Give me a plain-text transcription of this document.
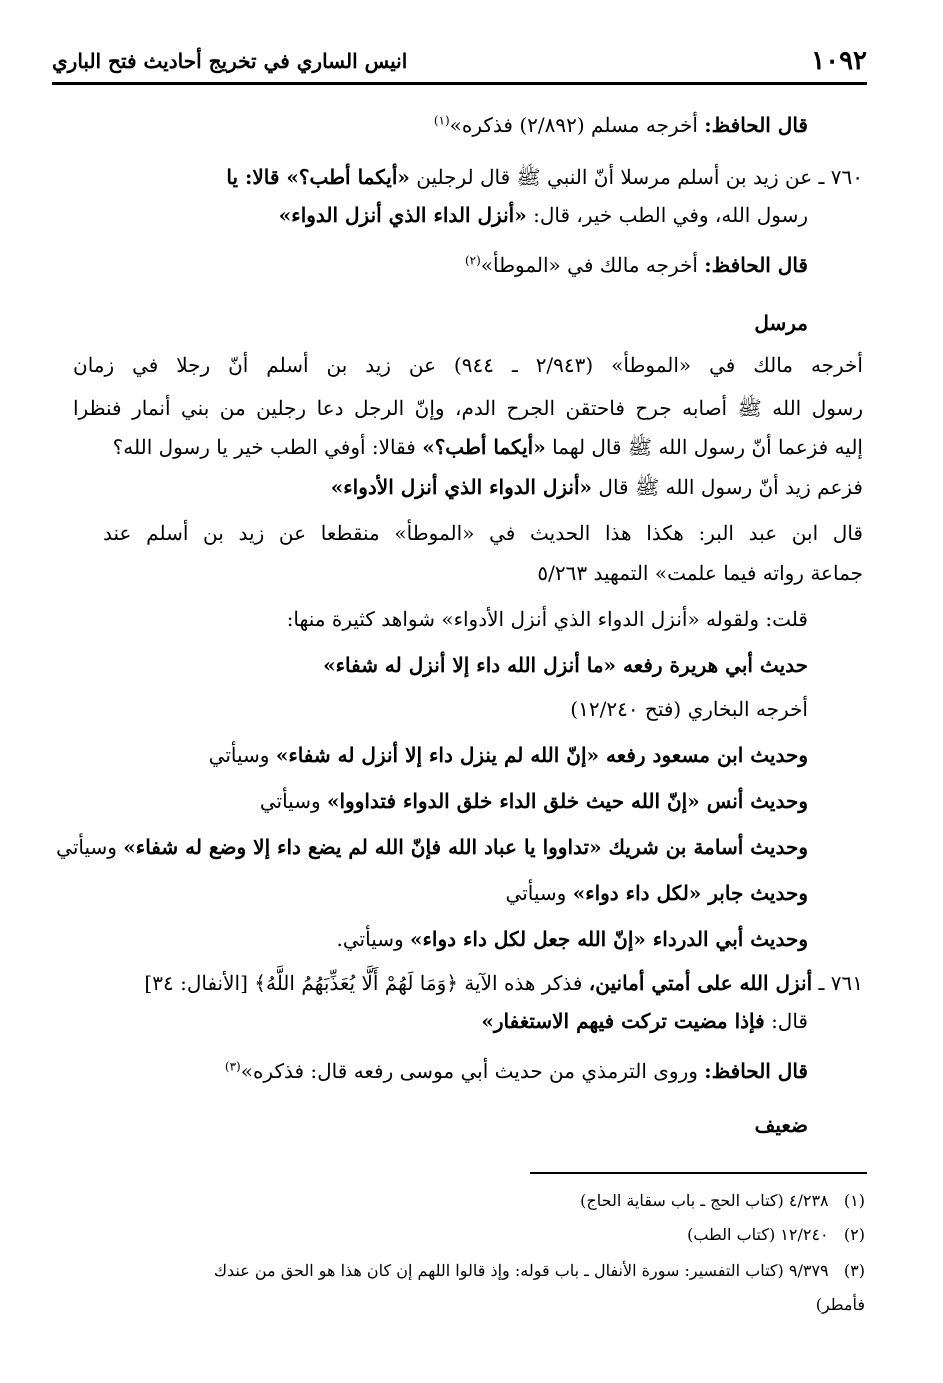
١٠٩٢
انيس الساري في تخريج أحاديث فتح الباري
قال الحافظ: أخرجه مسلم (٢/٨٩٢) فذكره»$^{(١)}$
٧٦٠ ـ عن زيد بن أسلم مرسلا أنّ النبي ﷺ قال لرجلين «أيكما أطب؟» قالا: يا
رسول الله، وفي الطب خير، قال: «أنزل الداء الذي أنزل الدواء»
قال الحافظ: أخرجه مالك في «الموطأ»$^{(٢)}$
مرسل
أخرجه مالك في «الموطأ» (٢/٩٤٣ ـ ٩٤٤) عن زيد بن أسلم أنّ رجلا في زمان
رسول الله ﷺ أصابه جرح فاحتقن الجرح الدم، وإنّ الرجل دعا رجلين من بني أنمار فنظرا
إليه فزعما أنّ رسول الله ﷺ قال لهما «أيكما أطب؟» فقالا: أوفي الطب خير يا رسول الله؟
فزعم زيد أنّ رسول الله ﷺ قال «أنزل الدواء الذي أنزل الأدواء»
قال ابن عبد البر: هكذا هذا الحديث في «الموطأ» منقطعا عن زيد بن أسلم عند
جماعة رواته فيما علمت» التمهيد ٥/٢٦٣
قلت: ولقوله «أنزل الدواء الذي أنزل الأدواء» شواهد كثيرة منها:
حديث أبي هريرة رفعه «ما أنزل الله داء إلا أنزل له شفاء»
أخرجه البخاري (فتح ١٢/٢٤٠)
وحديث ابن مسعود رفعه «إنّ الله لم ينزل داء إلا أنزل له شفاء» وسيأتي
وحديث أنس «إنّ الله حيث خلق الداء خلق الدواء فتداووا» وسيأتي
وحديث أسامة بن شريك «تداووا يا عباد الله فإنّ الله لم يضع داء إلا وضع له شفاء» وسيأتي
وحديث جابر «لكل داء دواء» وسيأتي
وحديث أبي الدرداء «إنّ الله جعل لكل داء دواء» وسيأتي.
٧٦١ ـ أنزل الله على أمتي أمانين، فذكر هذه الآية ﴿وَمَا لَهُمْ أَلَّا يُعَذِّبَهُمُ اللَّهُ﴾ [الأنفال: ٣٤]
قال: فإذا مضيت تركت فيهم الاستغفار»
قال الحافظ: وروى الترمذي من حديث أبي موسى رفعه قال: فذكره»$^{(٣)}$
ضعيف
(١)   ٤/٢٣٨ (كتاب الحج ـ باب سقاية الحاج)
(٢)   ١٢/٢٤٠ (كتاب الطب)
(٣)   ٩/٣٧٩ (كتاب التفسير: سورة الأنفال ـ باب قوله: وإذ قالوا اللهم إن كان هذا هو الحق من عندك
فأمطر)
